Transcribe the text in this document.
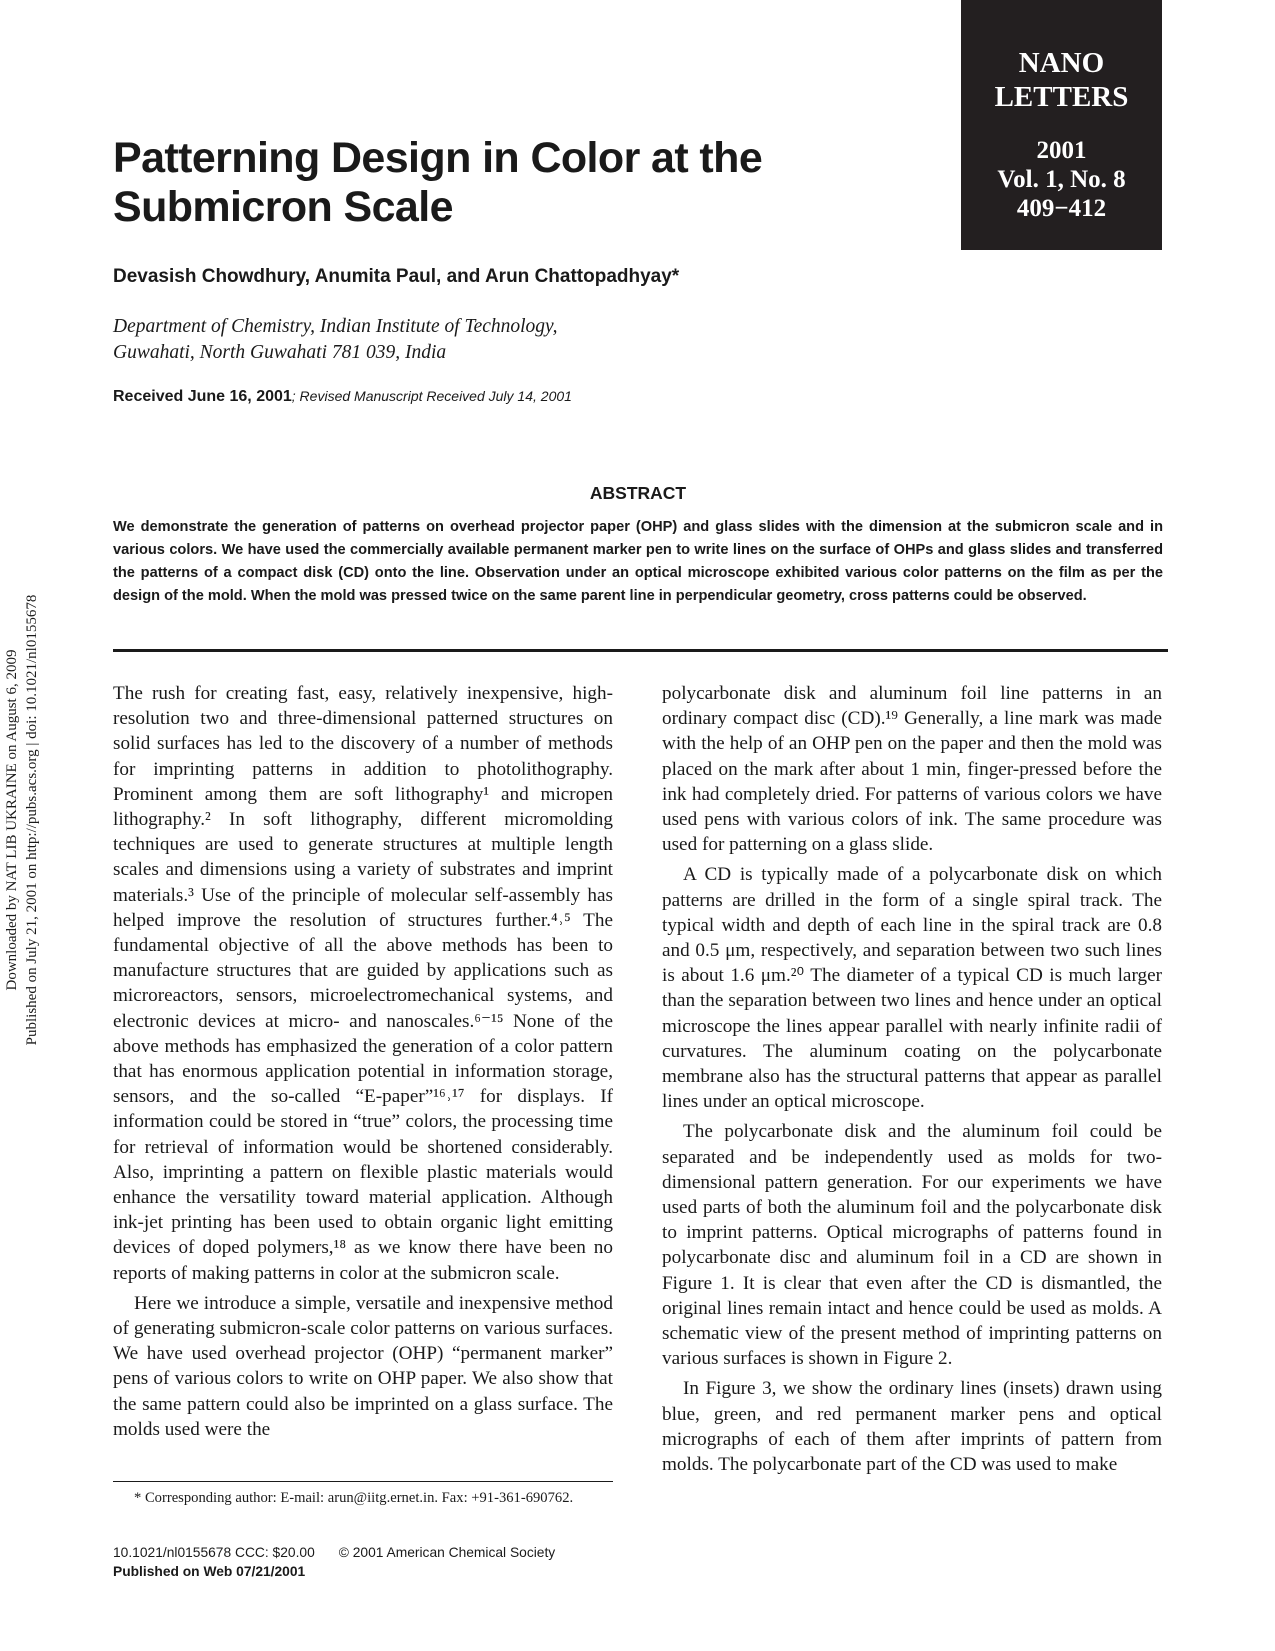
NANO
LETTERS
2001
Vol. 1, No. 8
409−412
Patterning Design in Color at the Submicron Scale
Devasish Chowdhury, Anumita Paul, and Arun Chattopadhyay*
Department of Chemistry, Indian Institute of Technology,
Guwahati, North Guwahati 781 039, India
Received June 16, 2001; Revised Manuscript Received July 14, 2001
ABSTRACT
We demonstrate the generation of patterns on overhead projector paper (OHP) and glass slides with the dimension at the submicron scale and in various colors. We have used the commercially available permanent marker pen to write lines on the surface of OHPs and glass slides and transferred the patterns of a compact disk (CD) onto the line. Observation under an optical microscope exhibited various color patterns on the film as per the design of the mold. When the mold was pressed twice on the same parent line in perpendicular geometry, cross patterns could be observed.
Downloaded by NAT LIB UKRAINE on August 6, 2009 Published on July 21, 2001 on http://pubs.acs.org | doi: 10.1021/nl0155678	The rush for creating fast, easy, relatively inexpensive, high-resolution two and three-dimensional patterned structures on solid surfaces has led to the discovery of a number of methods for imprinting patterns in addition to photolithography. Prominent among them are soft lithography¹ and micropen lithography.² In soft lithography, different micromolding techniques are used to generate structures at multiple length scales and dimensions using a variety of substrates and imprint materials.³ Use of the principle of molecular self-assembly has helped improve the resolution of structures further.⁴˒⁵ The fundamental objective of all the above methods has been to manufacture structures that are guided by applications such as microreactors, sensors, microelectromechanical systems, and electronic devices at micro- and nanoscales.⁶⁻¹⁵ None of the above methods has emphasized the generation of a color pattern that has enormous application potential in information storage, sensors, and the so-called “E-paper”¹⁶˒¹⁷ for displays. If information could be stored in “true” colors, the processing time for retrieval of information would be shortened considerably. Also, imprinting a pattern on flexible plastic materials would enhance the versatility toward material application. Although ink-jet printing has been used to obtain organic light emitting devices of doped polymers,¹⁸ as we know there have been no reports of making patterns in color at the submicron scale.

Here we introduce a simple, versatile and inexpensive method of generating submicron-scale color patterns on various surfaces. We have used overhead projector (OHP) “permanent marker” pens of various colors to write on OHP paper. We also show that the same pattern could also be imprinted on a glass surface. The molds used were the

polycarbonate disk and aluminum foil line patterns in an ordinary compact disc (CD).¹⁹ Generally, a line mark was made with the help of an OHP pen on the paper and then the mold was placed on the mark after about 1 min, finger-pressed before the ink had completely dried. For patterns of various colors we have used pens with various colors of ink. The same procedure was used for patterning on a glass slide.

A CD is typically made of a polycarbonate disk on which patterns are drilled in the form of a single spiral track. The typical width and depth of each line in the spiral track are 0.8 and 0.5 μm, respectively, and separation between two such lines is about 1.6 μm.²⁰ The diameter of a typical CD is much larger than the separation between two lines and hence under an optical microscope the lines appear parallel with nearly infinite radii of curvatures. The aluminum coating on the polycarbonate membrane also has the structural patterns that appear as parallel lines under an optical microscope.

The polycarbonate disk and the aluminum foil could be separated and be independently used as molds for two-dimensional pattern generation. For our experiments we have used parts of both the aluminum foil and the polycarbonate disk to imprint patterns. Optical micrographs of patterns found in polycarbonate disc and aluminum foil in a CD are shown in Figure 1. It is clear that even after the CD is dismantled, the original lines remain intact and hence could be used as molds. A schematic view of the present method of imprinting patterns on various surfaces is shown in Figure 2.

In Figure 3, we show the ordinary lines (insets) drawn using blue, green, and red permanent marker pens and optical micrographs of each of them after imprints of pattern from molds. The polycarbonate part of the CD was used to make

* Corresponding author: E-mail: arun@iitg.ernet.in. Fax: +91-361-690762.
10.1021/nl0155678 CCC: $20.00 © 2001 American Chemical Society
Published on Web 07/21/2001
